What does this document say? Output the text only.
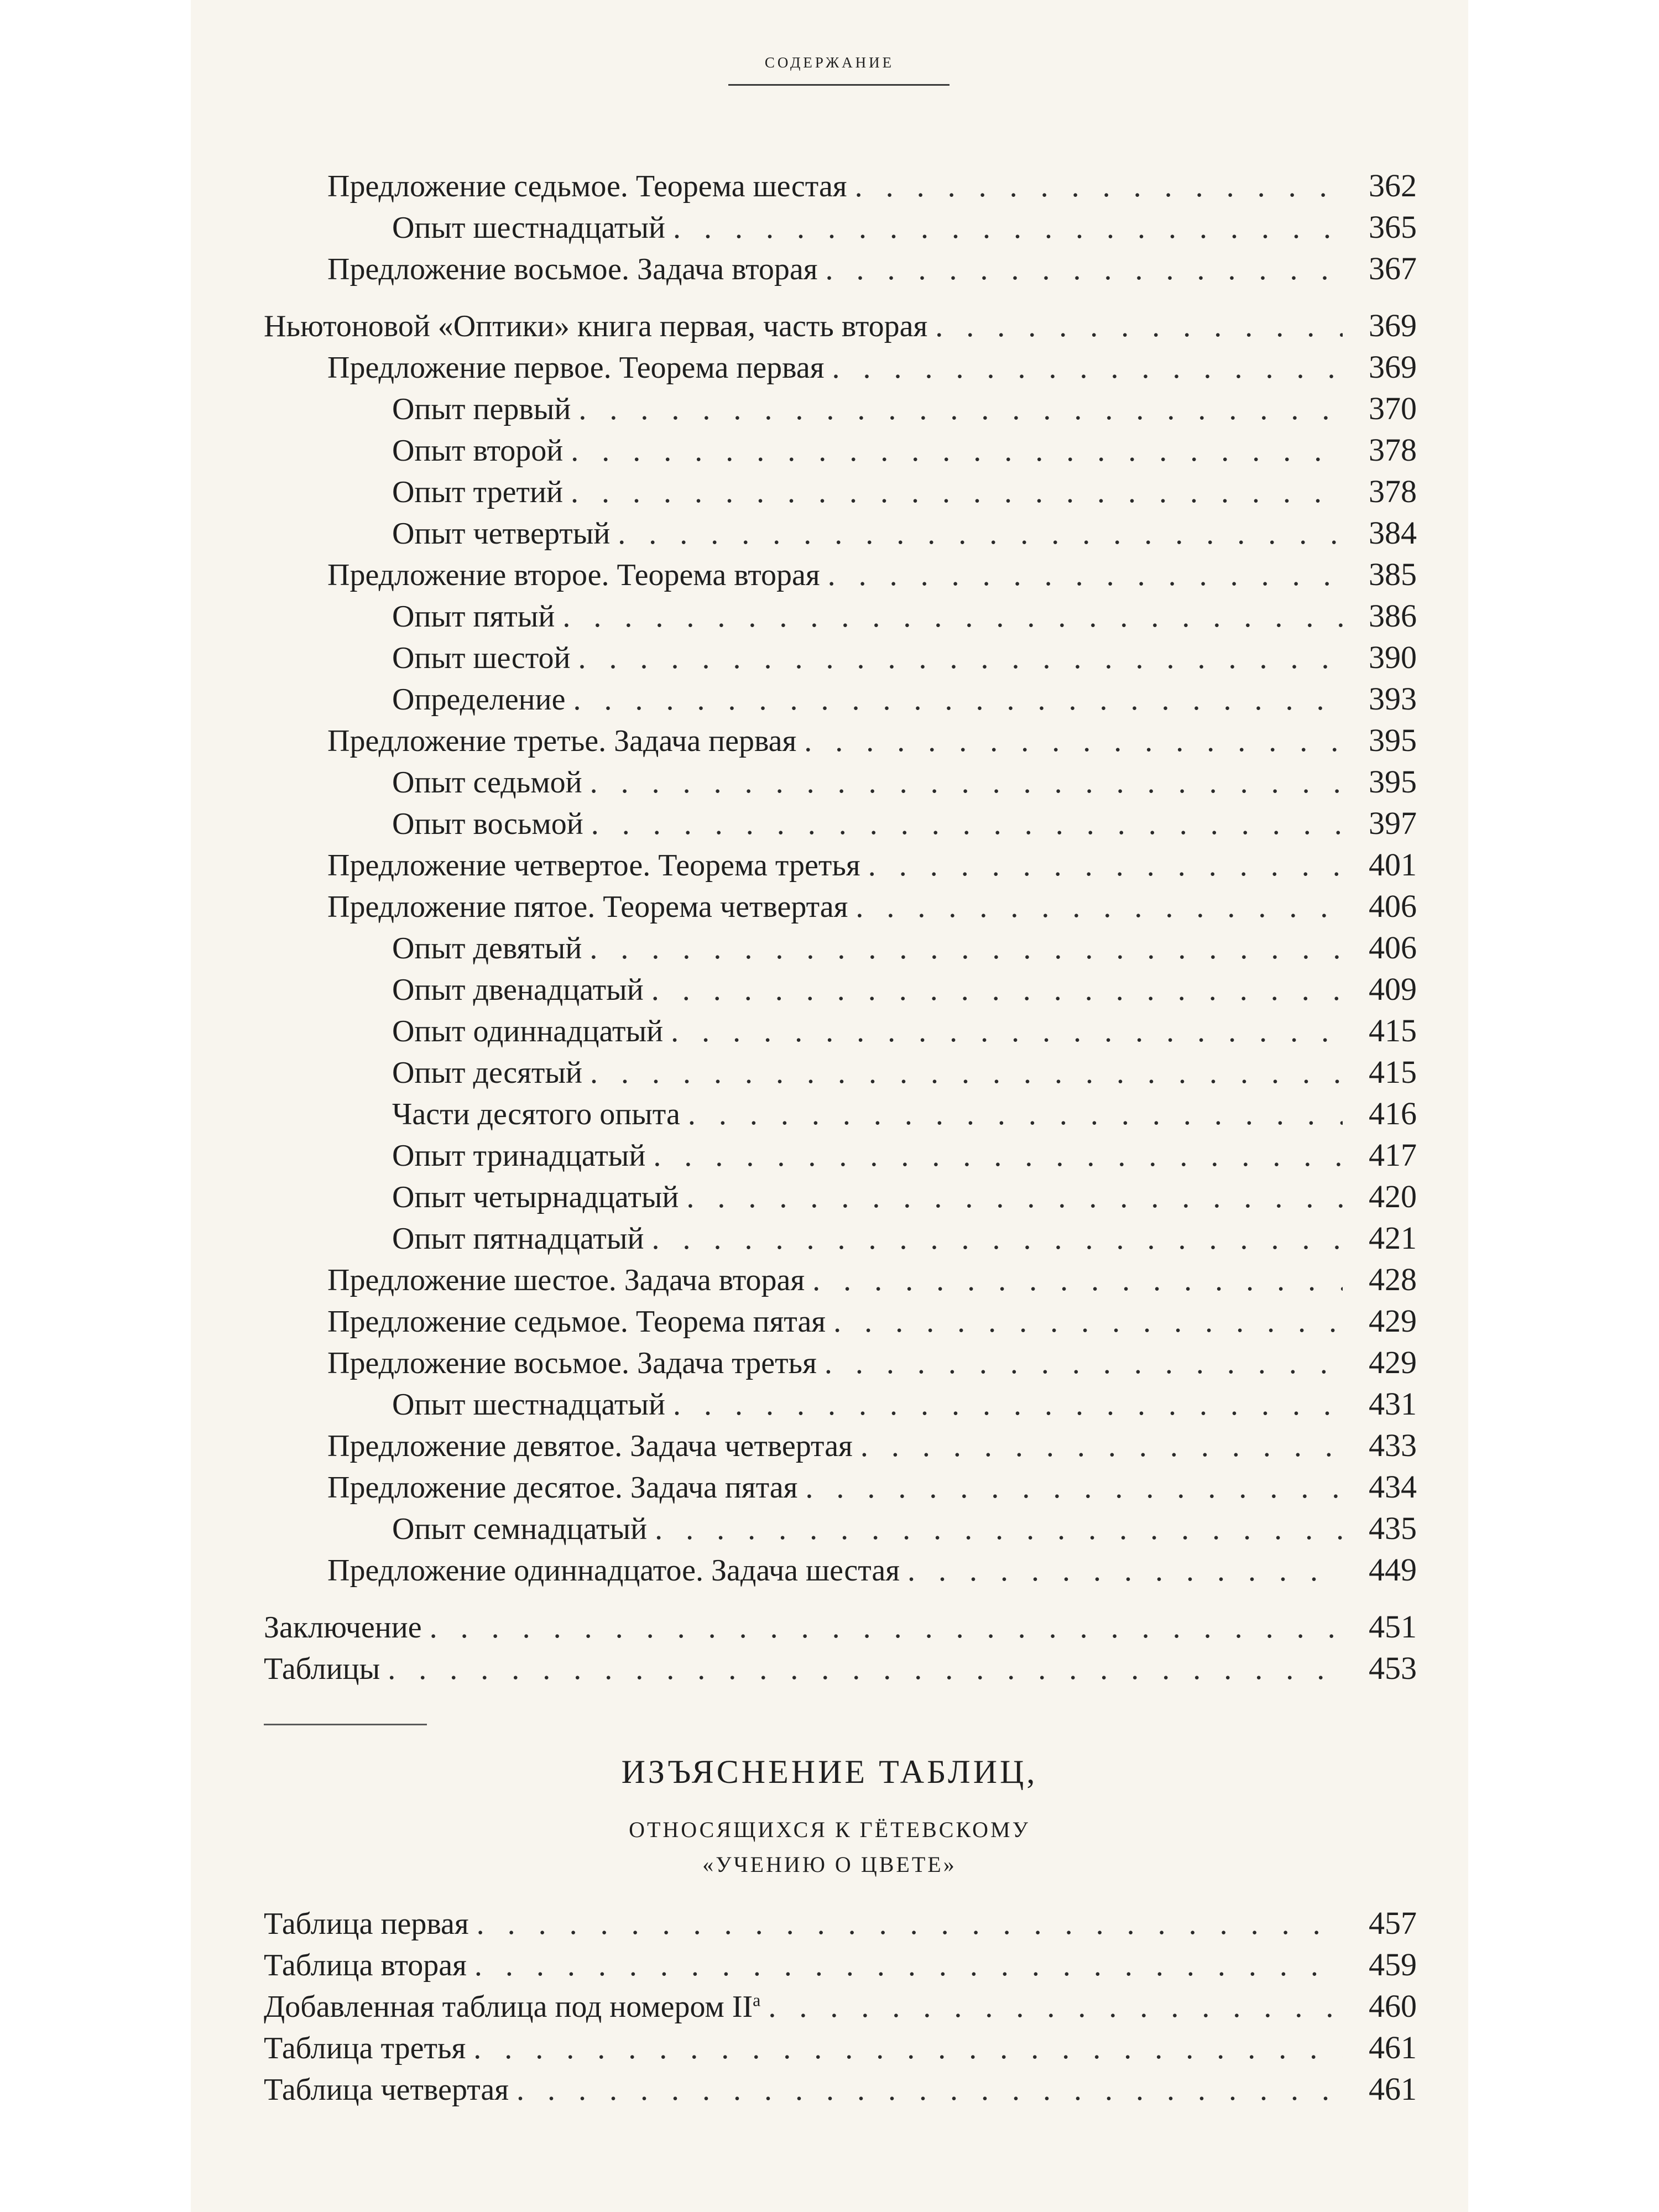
содержание
Предложение седьмое. Теорема шестая . . .	362
Опыт шестнадцатый . . .	365
Предложение восьмое. Задача вторая . . .	367
Ньютоновой «Оптики» книга первая, часть вторая . . .	369
Предложение первое. Теорема первая . . .	369
Опыт первый . . .	370
Опыт второй . . .	378
Опыт третий . . .	378
Опыт четвертый . . .	384
Предложение второе. Теорема вторая . . .	385
Опыт пятый . . .	386
Опыт шестой . . .	390
Определение . . .	393
Предложение третье. Задача первая . . .	395
Опыт седьмой . . .	395
Опыт восьмой . . .	397
Предложение четвертое. Теорема третья . . .	401
Предложение пятое. Теорема четвертая . . .	406
Опыт девятый . . .	406
Опыт двенадцатый . . .	409
Опыт одиннадцатый . . .	415
Опыт десятый . . .	415
Части десятого опыта . . .	416
Опыт тринадцатый . . .	417
Опыт четырнадцатый . . .	420
Опыт пятнадцатый . . .	421
Предложение шестое. Задача вторая . . .	428
Предложение седьмое. Теорема пятая . . .	429
Предложение восьмое. Задача третья . . .	429
Опыт шестнадцатый . . .	431
Предложение девятое. Задача четвертая . . .	433
Предложение десятое. Задача пятая . . .	434
Опыт семнадцатый . . .	435
Предложение одиннадцатое. Задача шестая . . .	449
Заключение . . .	451
Таблицы . . .	453
ИЗЪЯСНЕНИЕ ТАБЛИЦ,
ОТНОСЯЩИХСЯ К ГЁТЕВСКОМУ
«УЧЕНИЮ О ЦВЕТЕ»
Таблица первая . . .	457
Таблица вторая . . .	459
Добавленная таблица под номером $II^a$ . . .	460
Таблица третья . . .	461
Таблица четвертая . . .	461
